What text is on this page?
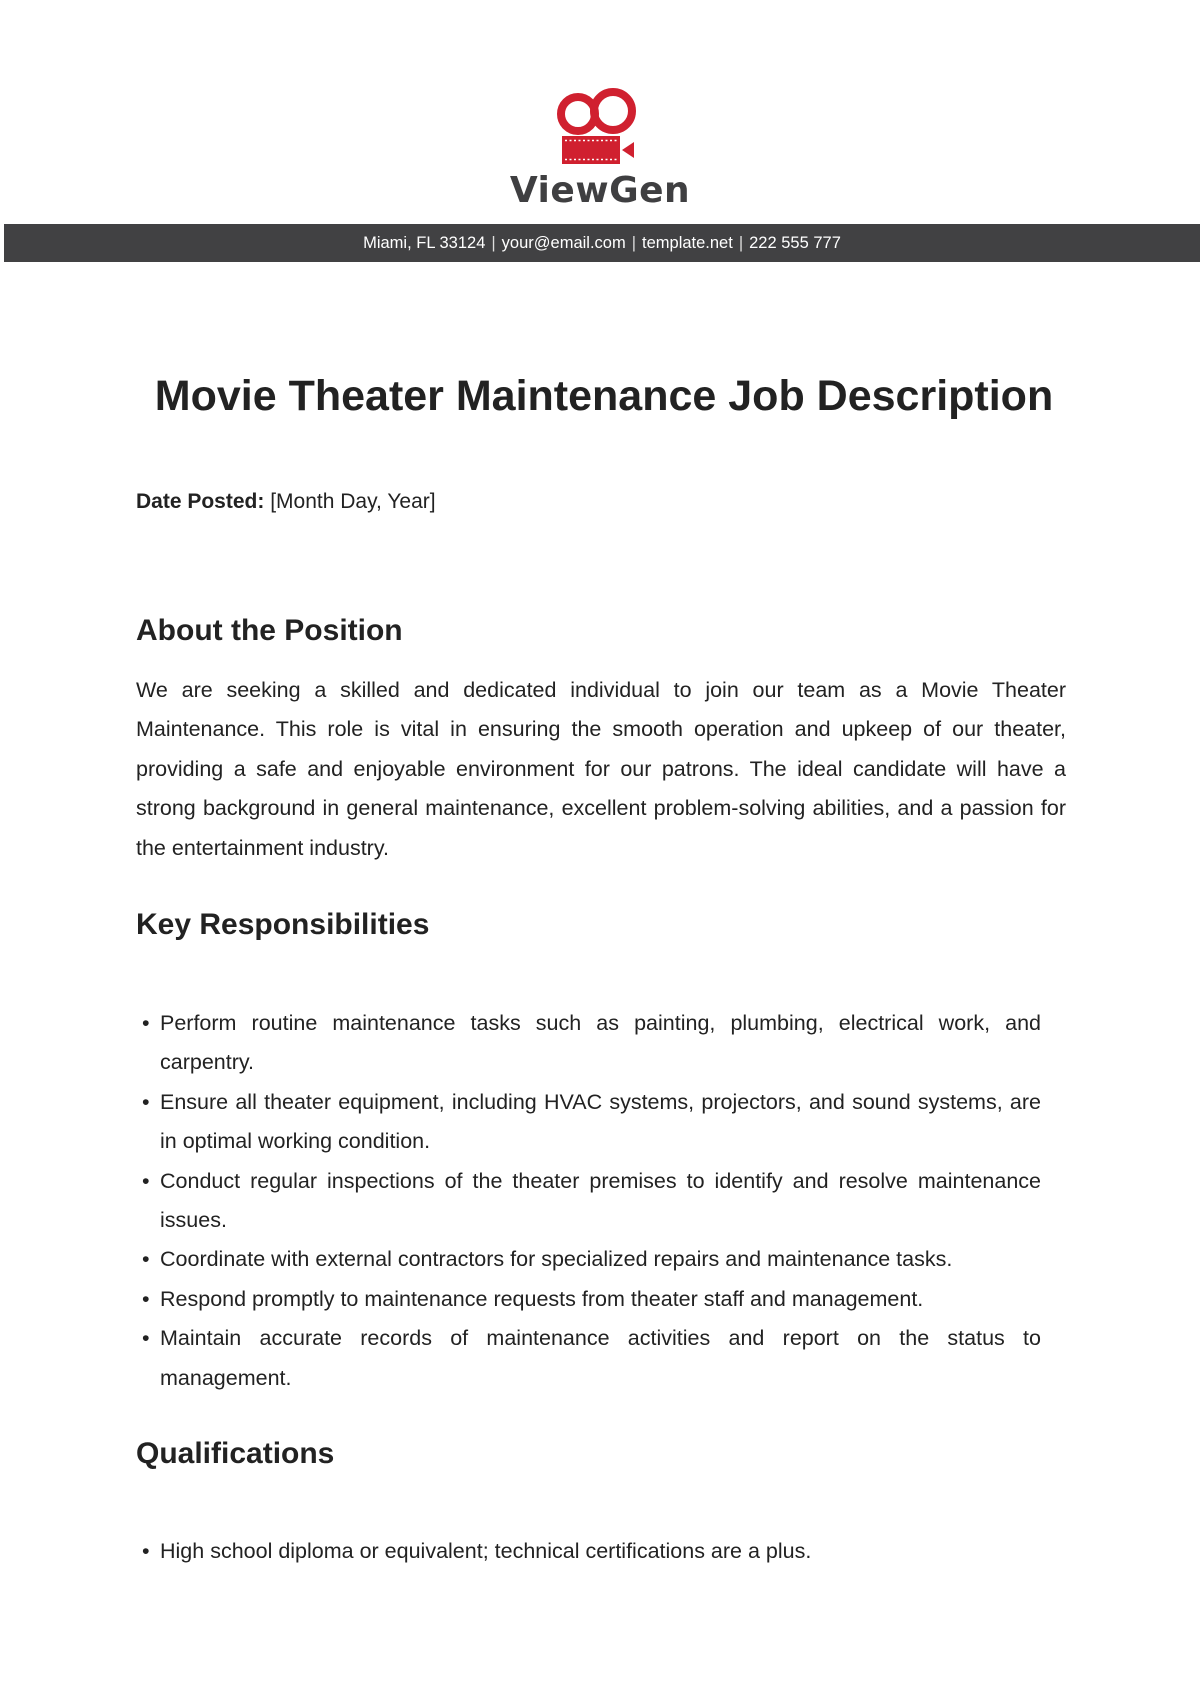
ViewGen
Miami, FL 33124 | your@email.com | template.net | 222 555 777
Movie Theater Maintenance Job Description
Date Posted: [Month Day, Year]
About the Position
We are seeking a skilled and dedicated individual to join our team as a Movie Theater Maintenance. This role is vital in ensuring the smooth operation and upkeep of our theater, providing a safe and enjoyable environment for our patrons. The ideal candidate will have a strong background in general maintenance, excellent problem-solving abilities, and a passion for the entertainment industry.
Key Responsibilities
• Perform routine maintenance tasks such as painting, plumbing, electrical work, and carpentry.
• Ensure all theater equipment, including HVAC systems, projectors, and sound systems, are in optimal working condition.
• Conduct regular inspections of the theater premises to identify and resolve maintenance issues.
• Coordinate with external contractors for specialized repairs and maintenance tasks.
• Respond promptly to maintenance requests from theater staff and management.
• Maintain accurate records of maintenance activities and report on the status to management.
Qualifications
• High school diploma or equivalent; technical certifications are a plus.
